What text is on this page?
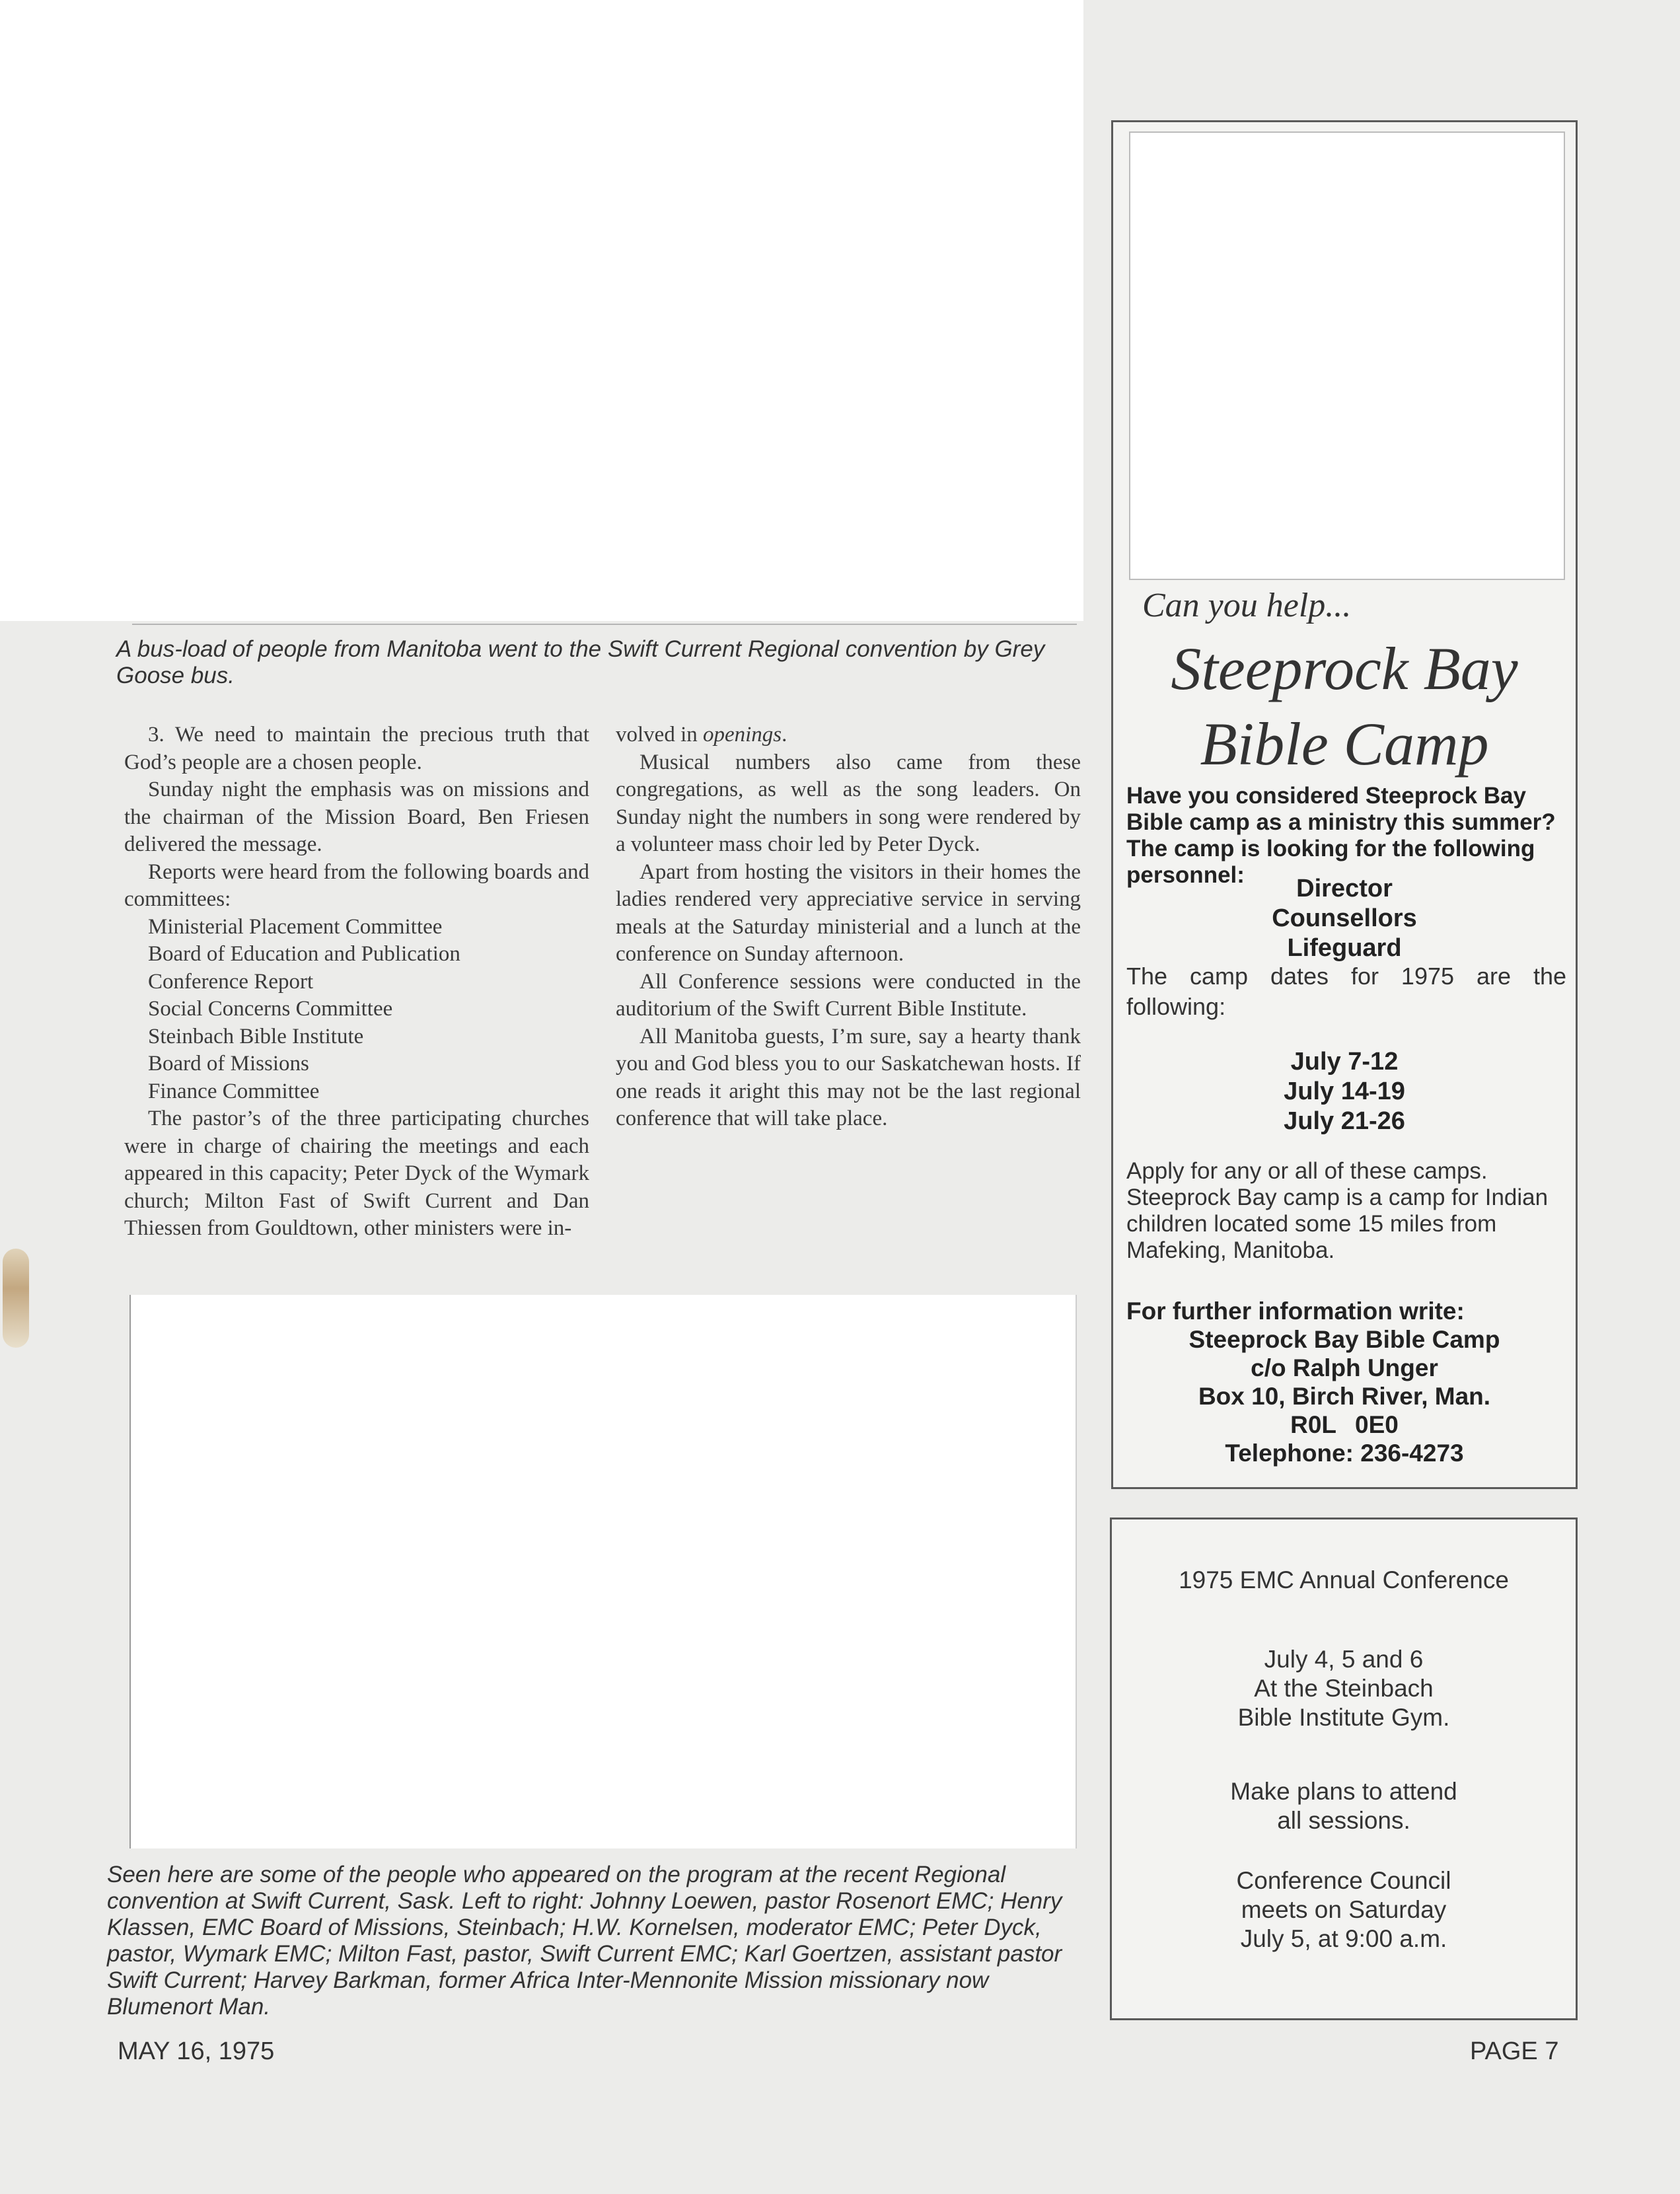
A bus-load of people from Manitoba went to the Swift Current Regional convention by Grey Goose bus.

3. We need to maintain the precious truth that God’s people are a chosen people.

Sunday night the emphasis was on missions and the chairman of the Mission Board, Ben Friesen delivered the message.

Reports were heard from the following boards and committees:

Ministerial Placement Committee

Board of Education and Publication

Conference Report

Social Concerns Committee

Steinbach Bible Institute

Board of Missions

Finance Committee

The pastor’s of the three participating churches were in charge of chairing the meetings and each appeared in this capacity; Peter Dyck of the Wymark church; Milton Fast of Swift Current and Dan Thiessen from Gouldtown, other ministers were in-

volved in openings.

Musical numbers also came from these congregations, as well as the song leaders. On Sunday night the numbers in song were rendered by a volunteer mass choir led by Peter Dyck.

Apart from hosting the visitors in their homes the ladies rendered very appreciative service in serving meals at the Saturday ministerial and a lunch at the conference on Sunday afternoon.

All Conference sessions were conducted in the auditorium of the Swift Current Bible Institute.

All Manitoba guests, I’m sure, say a hearty thank you and God bless you to our Saskatchewan hosts. If one reads it aright this may not be the last regional conference that will take place.

Seen here are some of the people who appeared on the program at the recent Regional convention at Swift Current, Sask. Left to right: Johnny Loewen, pastor Rosenort EMC; Henry Klassen, EMC Board of Missions, Steinbach; H.W. Kornelsen, moderator EMC; Peter Dyck, pastor, Wymark EMC; Milton Fast, pastor, Swift Current EMC; Karl Goertzen, assistant pastor Swift Current; Harvey Barkman, former Africa Inter-Mennonite Mission missionary now Blumenort Man.
Can you help...
Steeprock Bay
Bible Camp
Have you considered Steeprock Bay Bible camp as a ministry this summer? The camp is looking for the following personnel:	Director
Counsellors
Lifeguard
The camp dates for 1975 are the following:
July 7-12
July 14-19
July 21-26
Apply for any or all of these camps. Steeprock Bay camp is a camp for Indian children located some 15 miles from Mafeking, Manitoba.
For further information write:
Steeprock Bay Bible Camp
c/o Ralph Unger
Box 10, Birch River, Man.
R0L 0E0
Telephone: 236-4273
1975 EMC Annual Conference
July 4, 5 and 6
At the Steinbach
Bible Institute Gym.
Make plans to attend
all sessions.
Conference Council
meets on Saturday
July 5, at 9:00 a.m.
MAY 16, 1975	PAGE 7
